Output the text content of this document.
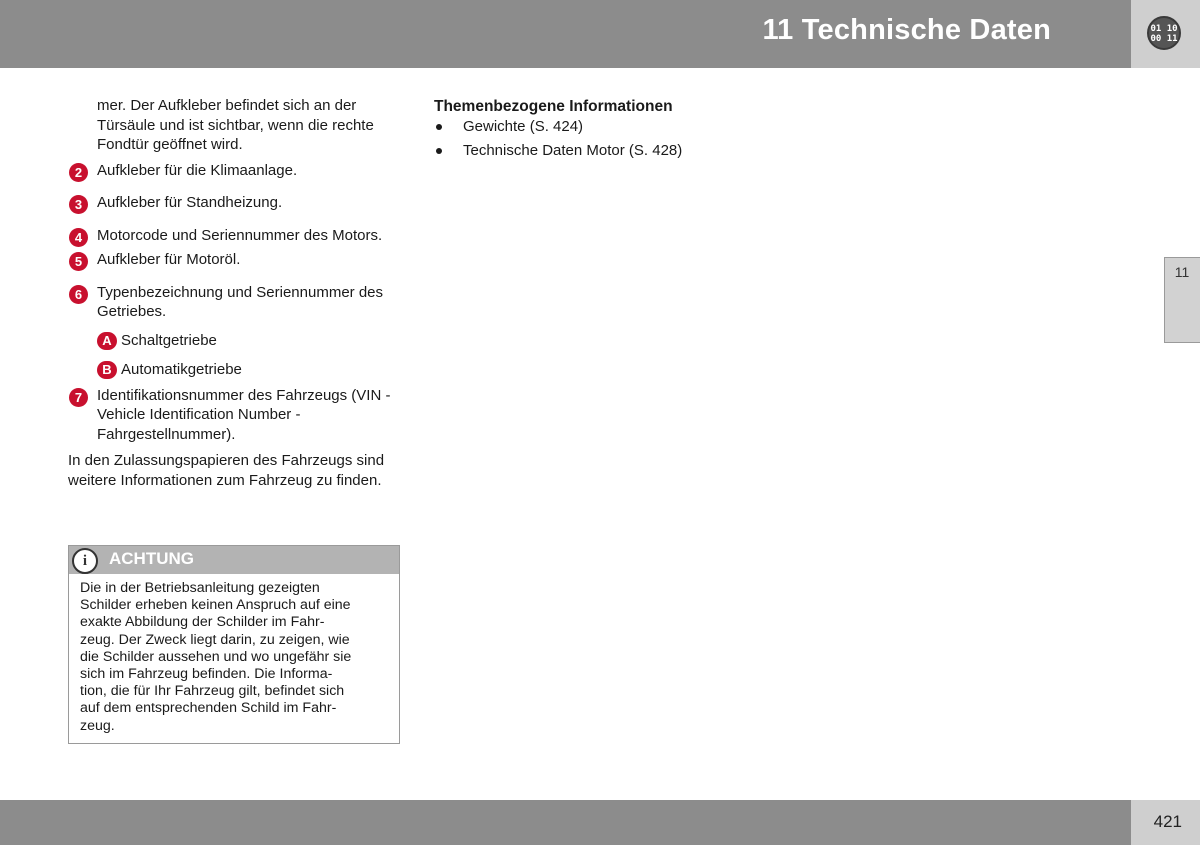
11 Technische Daten	01 10
00 11
11
mer. Der Aufkleber befindet sich an der Türsäule und ist sichtbar, wenn die rechte Fondtür geöffnet wird.
2 Aufkleber für die Klimaanlage.
3 Aufkleber für Standheizung.
4 Motorcode und Seriennummer des Motors.
5 Aufkleber für Motoröl.
6 Typenbezeichnung und Seriennummer des Getriebes.
A Schaltgetriebe
B Automatikgetriebe
7 Identifikationsnummer des Fahrzeugs (VIN - Vehicle Identification Number - Fahrgestellnummer).
In den Zulassungspapieren des Fahrzeugs sind weitere Informationen zum Fahrzeug zu finden.
i	ACHTUNG
Die in der Betriebsanleitung gezeigten
Schilder erheben keinen Anspruch auf eine
exakte Abbildung der Schilder im Fahr-
zeug. Der Zweck liegt darin, zu zeigen, wie
die Schilder aussehen und wo ungefähr sie
sich im Fahrzeug befinden. Die Informa-
tion, die für Ihr Fahrzeug gilt, befindet sich
auf dem entsprechenden Schild im Fahr-
zeug.
Themenbezogene Informationen
Gewichte (S. 424)
Technische Daten Motor (S. 428)
421
